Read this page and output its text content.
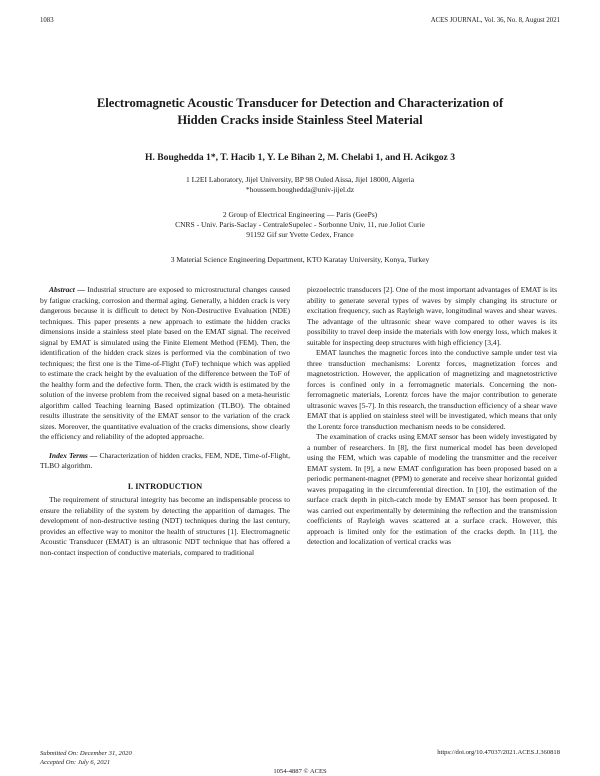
1083	ACES JOURNAL, Vol. 36, No. 8, August 2021
Electromagnetic Acoustic Transducer for Detection and Characterization of
Hidden Cracks inside Stainless Steel Material
H. Boughedda 1*, T. Hacib 1, Y. Le Bihan 2, M. Chelabi 1, and H. Acikgoz 3
1 L2EI Laboratory, Jijel University, BP 98 Ouled Aissa, Jijel 18000, Algeria
*houssem.boughedda@univ-jijel.dz
2 Group of Electrical Engineering — Paris (GeePs)
CNRS - Univ. Paris-Saclay - CentraleSupelec - Sorbonne Univ, 11, rue Joliot Curie
91192 Gif sur Yvette Cedex, France
3 Material Science Engineering Department, KTO Karatay University, Konya, Turkey

Abstract — Industrial structure are exposed to microstructural changes caused by fatigue cracking, corrosion and thermal aging. Generally, a hidden crack is very dangerous because it is difficult to detect by Non-Destructive Evaluation (NDE) techniques. This paper presents a new approach to estimate the hidden cracks dimensions inside a stainless steel plate based on the EMAT signal. The received signal by EMAT is simulated using the Finite Element Method (FEM). Then, the identification of the hidden crack sizes is performed via the combination of two techniques; the first one is the Time-of-Flight (ToF) technique which was applied to estimate the crack height by the evaluation of the difference between the ToF of the healthy form and the defective form. Then, the crack width is estimated by the solution of the inverse problem from the received signal based on a meta-heuristic algorithm called Teaching learning Based optimization (TLBO). The obtained results illustrate the sensitivity of the EMAT sensor to the variation of the crack sizes. Moreover, the quantitative evaluation of the cracks dimensions, show clearly the efficiency and reliability of the adopted approache.

Index Terms — Characterization of hidden cracks, FEM, NDE, Time-of-Flight, TLBO algorithm.

I. INTRODUCTION

The requirement of structural integrity has become an indispensable process to ensure the reliability of the system by detecting the apparition of damages. The development of non-destructive testing (NDT) techniques during the last century, provides an effective way to monitor the health of structures [1]. Electromagnetic Acoustic Transducer (EMAT) is an ultrasonic NDT technique that has offered a non-contact inspection of conductive materials, compared to traditional

piezoelectric transducers [2]. One of the most important advantages of EMAT is its ability to generate several types of waves by simply changing its structure or excitation frequency, such as Rayleigh wave, longitudinal waves and shear waves. The advantage of the ultrasonic shear wave compared to other waves is its possibility to travel deep inside the materials with low energy loss, which makes it suitable for inspecting deep structures with high efficiency [3,4].

EMAT launches the magnetic forces into the conductive sample under test via three transduction mechanisms: Lorentz forces, magnetization forces and magnetostriction. However, the application of magnetizing and magnetostrictive forces is confined only in a ferromagnetic materials. Concerning the non-ferromagnetic materials, Lorentz forces have the major contribution to generate ultrasonic waves [5-7]. In this research, the transduction efficiency of a shear wave EMAT that is applied on stainless steel will be investigated, which means that only the Lorentz force transduction mechanism needs to be considered.

The examination of cracks using EMAT sensor has been widely investigated by a number of researchers. In [8], the first numerical model has been developed using the FEM, which was capable of modeling the transmitter and the receiver EMAT system. In [9], a new EMAT configuration has been proposed based on a periodic permanent-magnet (PPM) to generate and receive shear horizontal guided waves propagating in the circumferential direction. In [10], the estimation of the surface crack depth in pitch-catch mode by EMAT sensor has been proposed. It was carried out experimentally by determining the reflection and the transmission coefficients of Rayleigh waves scattered at a surface crack. However, this approach is limited only for the estimation of the cracks depth. In [11], the detection and localization of vertical cracks was

Submitted On: December 31, 2020
Accepted On: July 6, 2021
https://doi.org/10.47037/2021.ACES.J.360818
1054-4887 © ACES
